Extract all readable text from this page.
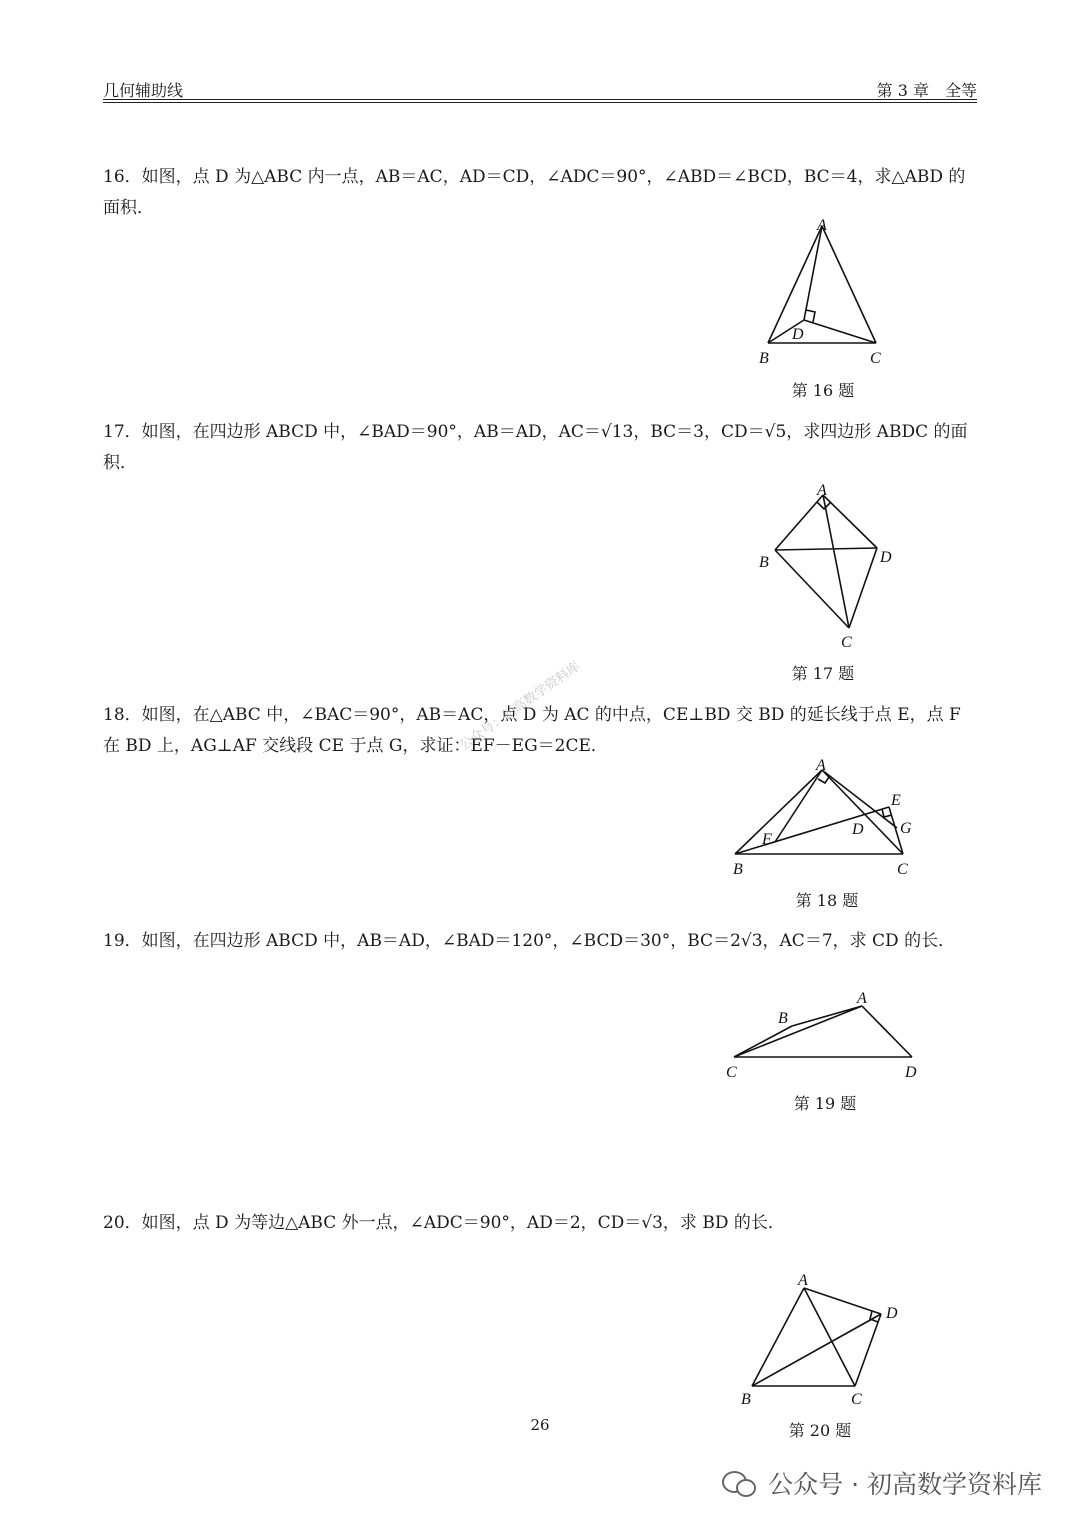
几何辅助线	第 3 章　全等
公众号：初高数学资料库
16．如图，点 D 为△ABC 内一点，AB＝AC，AD＝CD，∠ADC＝90°，∠ABD＝∠BCD，BC＝4，求△ABD 的面积．
A
B	C
D
第 16 题
17．如图，在四边形 ABCD 中，∠BAD＝90°，AB＝AD，AC＝√13，BC＝3，CD＝√5，求四边形 ABDC 的面积．
A
B
C
D
第 17 题
18．如图，在△ABC 中，∠BAC＝90°，AB＝AC，点 D 为 AC 的中点，CE⊥BD 交 BD 的延长线于点 E，点 F 在 BD 上，AG⊥AF 交线段 CE 于点 G，求证：EF－EG＝2CE．
A
B	C
D
E
F
G
第 18 题
19．如图，在四边形 ABCD 中，AB＝AD，∠BAD＝120°，∠BCD＝30°，BC＝2√3，AC＝7，求 CD 的长．
A
B
C	D
第 19 题
20．如图，点 D 为等边△ABC 外一点，∠ADC＝90°，AD＝2，CD＝√3，求 BD 的长．
A
B	C
D
第 20 题
26
公众号 · 初高数学资料库
